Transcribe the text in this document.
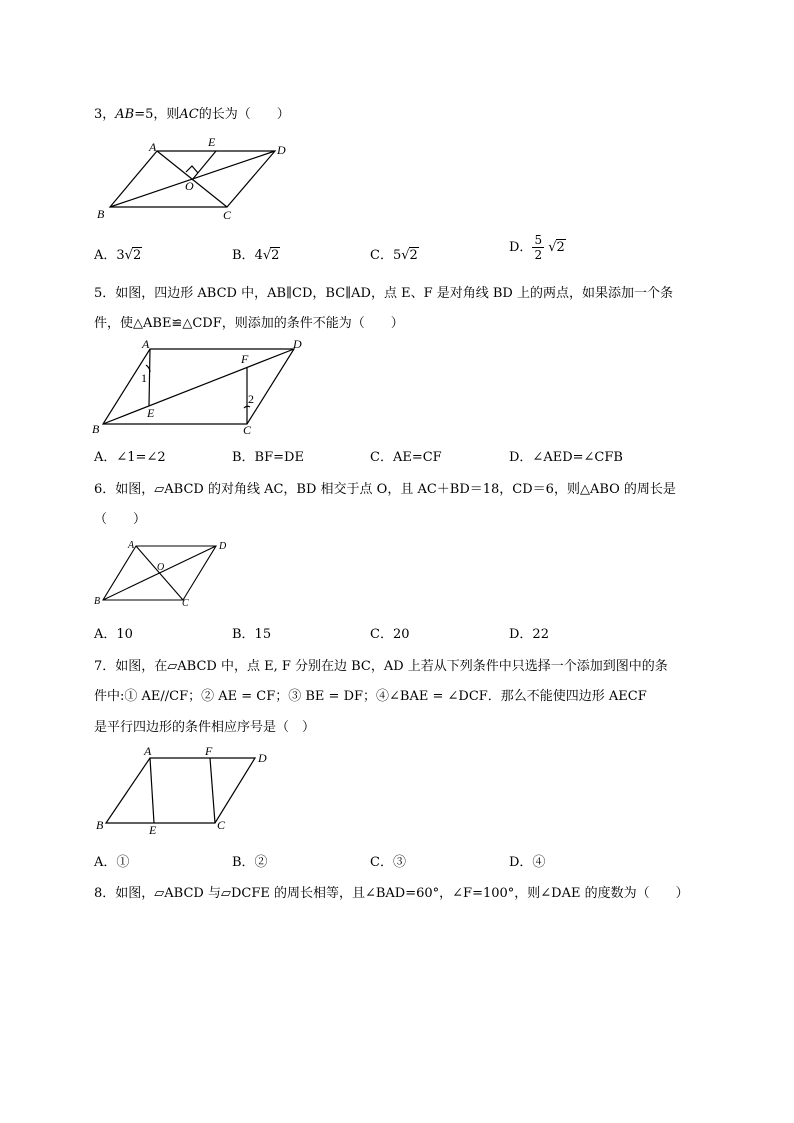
3，AB=5，则AC的长为（　　）
A	E
D
O
B	C
A．3√2	B．4√2	C．5√2
D． $\frac{5}{2} √2$
5．如图，四边形 ABCD 中，AB∥CD，BC∥AD，点 E、F 是对角线 BD 上的两点，如果添加一个条
件，使△ABE≌△CDF，则添加的条件不能为（　　）
A	D
F
1
2
E
B	C
A．∠1=∠2	B．BF=DE	C．AE=CF	D．∠AED=∠CFB
6．如图，▱ABCD 的对角线 AC，BD 相交于点 O，且 AC＋BD＝18，CD＝6，则△ABO 的周长是
（　　）
A	D
O
B	C
A．10	B．15	C．20	D．22
7．如图，在▱ABCD 中，点 E, F 分别在边 BC，AD 上若从下列条件中只选择一个添加到图中的条
件中:① AE//CF；② AE = CF；③ BE = DF；④∠BAE = ∠DCF．那么不能使四边形 AECF
是平行四边形的条件相应序号是（　）
A	F	D
B	E	C
A．①	B．②	C．③	D．④
8．如图，▱ABCD 与▱DCFE 的周长相等，且∠BAD=60°，∠F=100°，则∠DAE 的度数为（　　）
